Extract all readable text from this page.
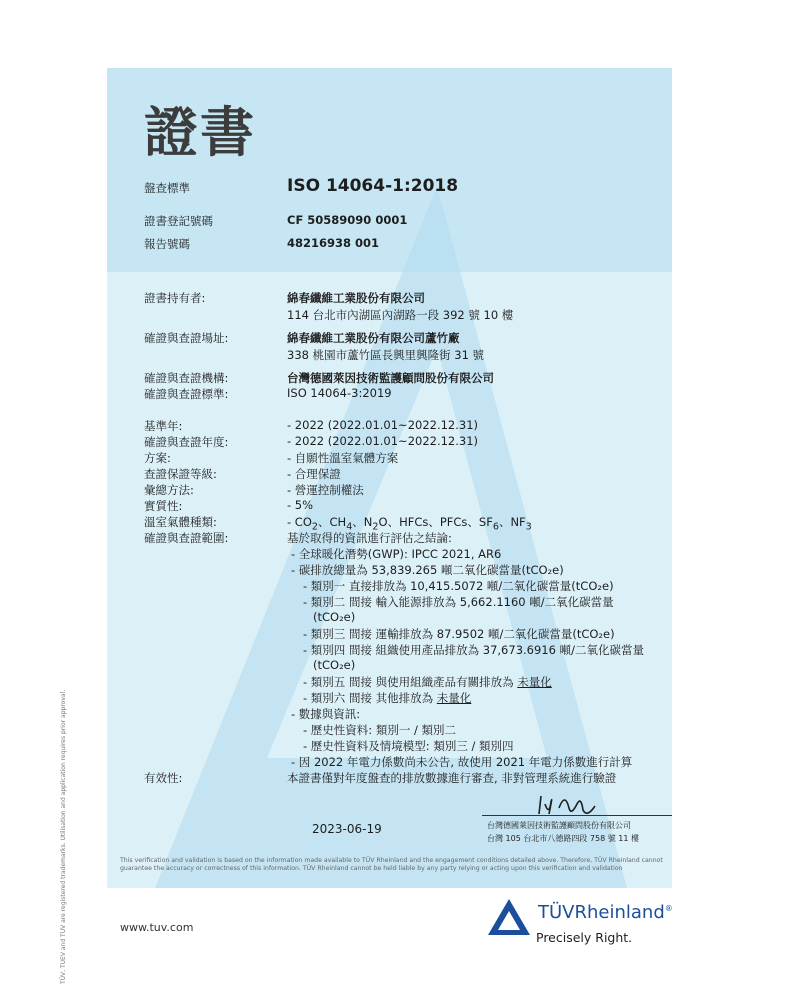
證書
盤查標準	ISO 14064-1:2018
證書登記號碼	CF 50589090 0001
報告號碼	48216938 001
證書持有者:	綿春纖維工業股份有限公司
114 台北市內湖區內湖路一段 392 號 10 樓
確證與查證場址:	綿春纖維工業股份有限公司蘆竹廠
338 桃園市蘆竹區長興里興隆街 31 號
確證與查證機構:	台灣德國萊因技術監護顧問股份有限公司
確證與查證標準:	ISO 14064-3:2019
基準年:	- 2022 (2022.01.01~2022.12.31)
確證與查證年度:	- 2022 (2022.01.01~2022.12.31)
方案:	- 自願性溫室氣體方案
查證保證等級:	- 合理保證
彙總方法:	- 營運控制權法
實質性:	- 5%
溫室氣體種類:	- $CO_2$、$CH_4$、$N_2O$、HFCs、PFCs、$SF_6$、$NF_3$
確證與查證範圍:	基於取得的資訊進行評估之結論:
- 全球暖化潛勢(GWP): IPCC 2021, AR6
- 碳排放總量為 53,839.265 噸二氧化碳當量(tCO₂e)
- 類別一 直接排放為 10,415.5072 噸/二氧化碳當量(tCO₂e)
- 類別二 間接 輸入能源排放為 5,662.1160 噸/二氧化碳當量
(tCO₂e)
- 類別三 間接 運輸排放為 87.9502 噸/二氧化碳當量(tCO₂e)
- 類別四 間接 組織使用產品排放為 37,673.6916 噸/二氧化碳當量
(tCO₂e)
- 類別五 間接 與使用組織產品有關排放為 未量化
- 類別六 間接 其他排放為 未量化
- 數據與資訊:
- 歷史性資料: 類別一 / 類別二
- 歷史性資料及情境模型: 類別三 / 類別四
- 因 2022 年電力係數尚未公告, 故使用 2021 年電力係數進行計算
有效性:	本證書僅對年度盤查的排放數據進行審查, 非對管理系統進行驗證
2023-06-19	台灣德國萊因技術監護顧問股份有限公司
台灣 105 台北市八德路四段 758 號 11 樓
This verification and validation is based on the information made available to TÜV Rheinland and the engagement conditions detailed above. Therefore, TÜV Rheinland cannot guarantee the accuracy or correctness of this information. TÜV Rheinland cannot be held liable by any party relying or acting upon this verification and validation
www.tuv.com
TÜVRheinland®
Precisely Right.
TÜV, TUEV and TUV are registered trademarks. Utilisation and application requires prior approval.
